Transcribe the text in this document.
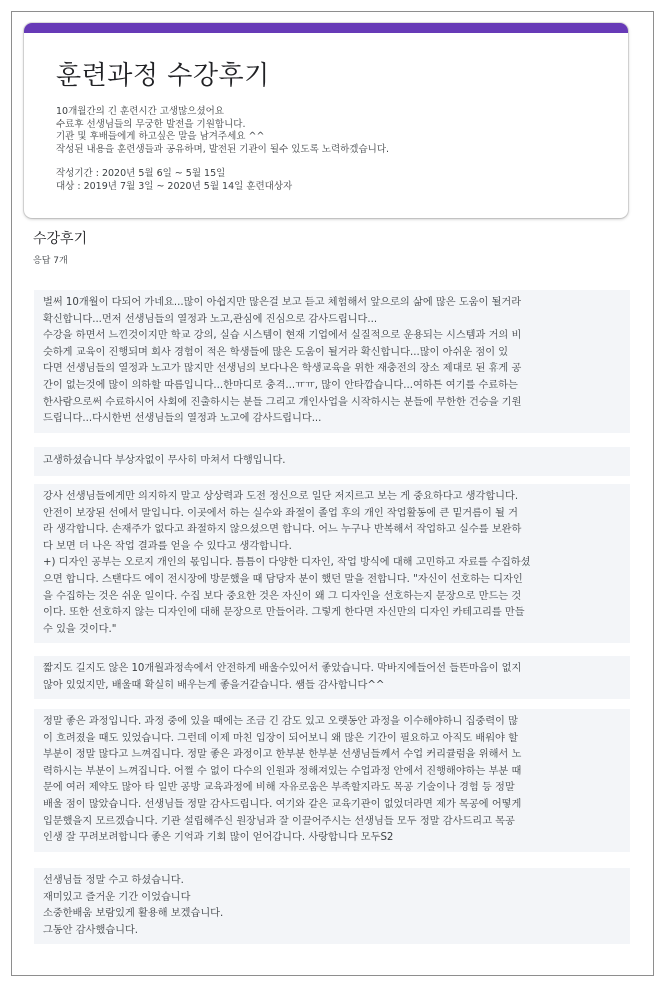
훈련과정 수강후기
10개월간의 긴 훈련시간 고생많으셨어요
수료후 선생님들의 무궁한 발전을 기원합니다.
기관 및 후배들에게 하고싶은 말을 남겨주세요 ^^
작성된 내용을 훈련생들과 공유하며, 발전된 기관이 될수 있도록 노력하겠습니다.
작성기간 : 2020년 5월 6일 ~ 5월 15일
대상 : 2019년 7월 3일 ~ 2020년 5월 14일 훈련대상자
수강후기
응답 7개
벌써 10개월이 다되어 가네요...많이 아쉽지만 많은걸 보고 듣고 체험해서 앞으로의 삶에 많은 도움이 될거라
확신합니다...먼저 선생님들의 열정과 노고,관심에 진심으로 감사드립니다...
수강을 하면서 느낀것이지만 학교 강의, 실습 시스템이 현재 기업에서 실질적으로 운용되는 시스템과 거의 비
슷하게 교육이 진행되며 회사 경험이 적은 학생들에 많은 도움이 될거라 확신합니다...많이 아쉬운 점이 있
다면 선생님들의 열정과 노고가 많지만 선생님의 보다나은 학생교육을 위한 재충전의 장소 제대로 된 휴게 공
간이 없는것에 많이 의하할 따름입니다...한마디로 충격...ㅠㅠ, 많이 안타깝습니다...여하튼 여기를 수료하는
한사람으로써 수료하시어 사회에 진출하시는 분들 그리고 개인사업을 시작하시는 분들에 무한한 건승을 기원
드립니다...다시한번 선생님들의 열정과 노고에 감사드립니다...
고생하셨습니다 부상자없이 무사히 마쳐서 다행입니다.
강사 선생님들에게만 의지하지 말고 상상력과 도전 정신으로 일단 저지르고 보는 게 중요하다고 생각합니다.
안전이 보장된 선에서 말입니다. 이곳에서 하는 실수와 좌절이 졸업 후의 개인 작업활동에 큰 밑거름이 될 거
라 생각합니다. 손재주가 없다고 좌절하지 않으셨으면 합니다. 어느 누구나 반복해서 작업하고 실수를 보완하
다 보면 더 나은 작업 결과를 얻을 수 있다고 생각합니다.
+) 디자인 공부는 오로지 개인의 몫입니다. 틈틈이 다양한 디자인, 작업 방식에 대해 고민하고 자료를 수집하셨
으면 합니다. 스탠다드 에이 전시장에 방문했을 때 담당자 분이 했던 말을 전합니다. "자신이 선호하는 디자인
을 수집하는 것은 쉬운 일이다. 수집 보다 중요한 것은 자신이 왜 그 디자인을 선호하는지 문장으로 만드는 것
이다. 또한 선호하지 않는 디자인에 대해 문장으로 만들어라. 그렇게 한다면 자신만의 디자인 카테고리를 만들
수 있을 것이다."
짧지도 길지도 않은 10개월과정속에서 안전하게 배울수있어서 좋았습니다. 막바지에들어선 들뜬마음이 없지
않아 있었지만, 배울때 확실히 배우는게 좋을거같습니다. 쌤들 감사합니다^^
정말 좋은 과정입니다. 과정 중에 있을 때에는 조금 긴 감도 있고 오랫동안 과정을 이수해야하니 집중력이 많
이 흐려졌을 때도 있었습니다. 그런데 이제 마친 입장이 되어보니 왜 많은 기간이 필요하고 아직도 배워야 할
부분이 정말 많다고 느껴집니다. 정말 좋은 과정이고 한부분 한부분 선생님들께서 수업 커리큘럼을 위해서 노
력하시는 부분이 느껴집니다. 어쩔 수 없이 다수의 인원과 정해져있는 수업과정 안에서 진행해야하는 부분 때
문에 여러 제약도 많아 타 일반 공방 교육과정에 비해 자유로움은 부족할지라도 목공 기술이나 경험 등 정말
배울 점이 많았습니다. 선생님들 정말 감사드립니다. 여기와 같은 교육기관이 없었더라면 제가 목공에 어떻게
입문했을지 모르겠습니다. 기관 설립해주신 원장님과 잘 이끌어주시는 선생님들 모두 정말 감사드리고 목공
인생 잘 꾸려보려합니다 좋은 기억과 기회 많이 얻어갑니다. 사랑합니다 모두S2
선생님들 정말 수고 하셨습니다.
재미있고 즐거운 기간 이었습니다
소중한배움 보람있게 활용해 보겠습니다.
그동안 감사했습니다.
